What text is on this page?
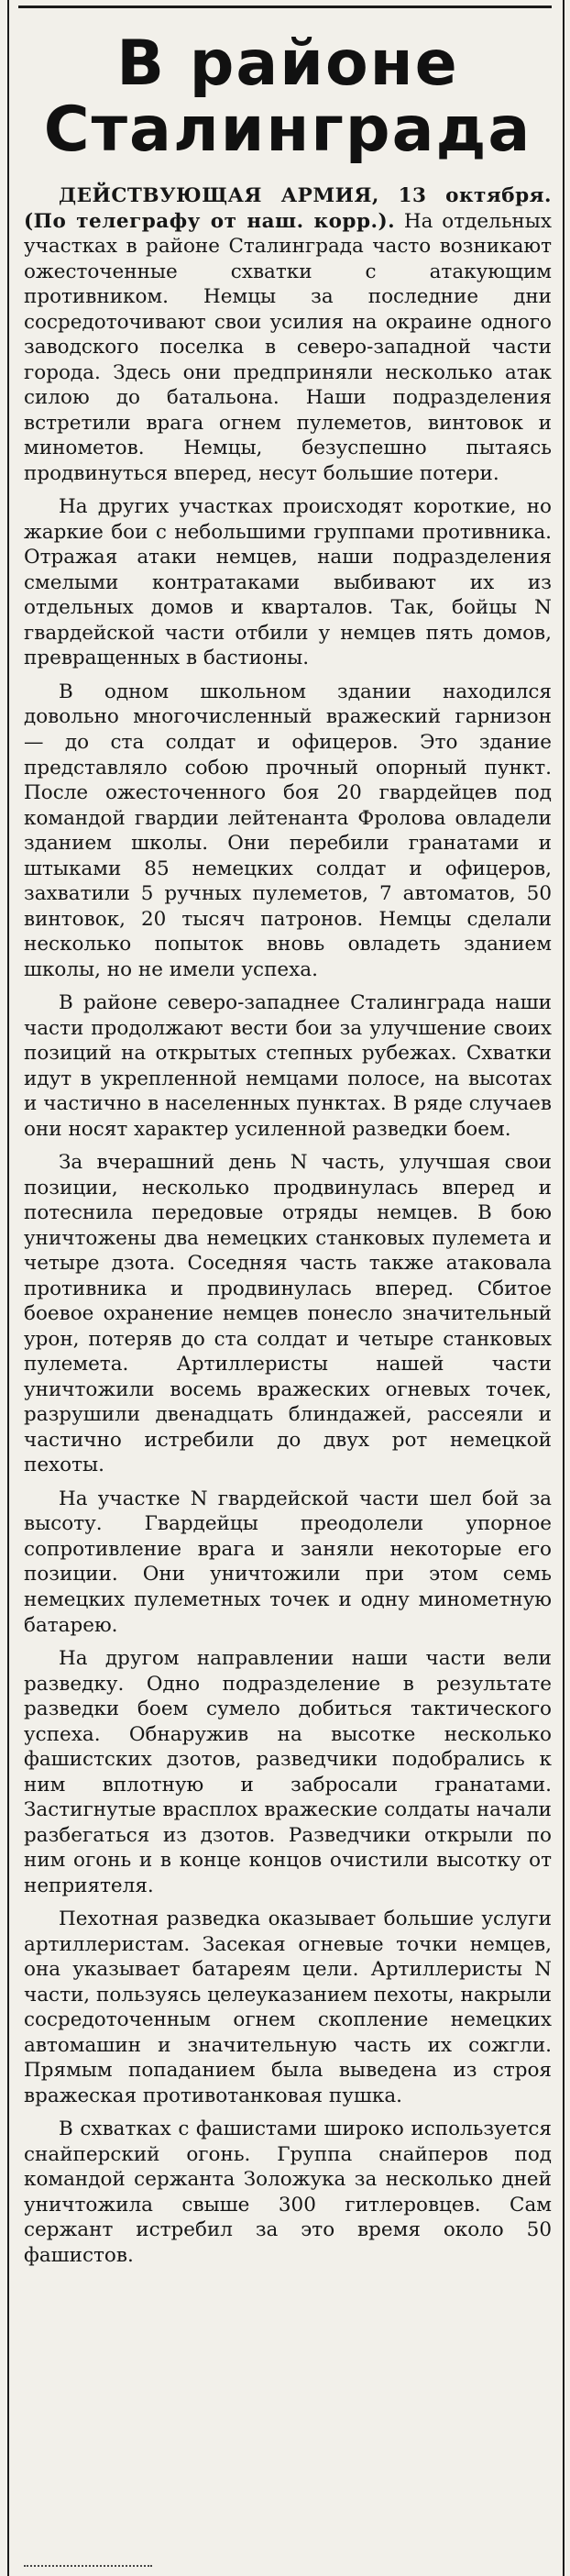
В районе
Сталинграда

ДЕЙСТВУЮЩАЯ АРМИЯ, 13 октября. (По телеграфу от наш. корр.). На отдельных участках в районе Сталинграда часто возникают ожесточенные схватки с атакующим противником. Немцы за последние дни сосредоточивают свои усилия на окраине одного заводского поселка в северо-западной части города. Здесь они предприняли несколько атак силою до батальона. Наши подразделения встретили врага огнем пулеметов, винтовок и минометов. Немцы, безуспешно пытаясь продвинуться вперед, несут большие потери.

На других участках происходят короткие, но жаркие бои с небольшими группами противника. Отражая атаки немцев, наши подразделения смелыми контратаками выбивают их из отдельных домов и кварталов. Так, бойцы N гвардейской части отбили у немцев пять домов, превращенных в бастионы.

В одном школьном здании находился довольно многочисленный вражеский гарнизон — до ста солдат и офицеров. Это здание представляло собою прочный опорный пункт. После ожесточенного боя 20 гвардейцев под командой гвардии лейтенанта Фролова овладели зданием школы. Они перебили гранатами и штыками 85 немецких солдат и офицеров, захватили 5 ручных пулеметов, 7 автоматов, 50 винтовок, 20 тысяч патронов. Немцы сделали несколько попыток вновь овладеть зданием школы, но не имели успеха.

В районе северо-западнее Сталинграда наши части продолжают вести бои за улучшение своих позиций на открытых степных рубежах. Схватки идут в укрепленной немцами полосе, на высотах и частично в населенных пунктах. В ряде случаев они носят характер усиленной разведки боем.

За вчерашний день N часть, улучшая свои позиции, несколько продвинулась вперед и потеснила передовые отряды немцев. В бою уничтожены два немецких станковых пулемета и четыре дзота. Соседняя часть также атаковала противника и продвинулась вперед. Сбитое боевое охранение немцев понесло значительный урон, потеряв до ста солдат и четыре станковых пулемета. Артиллеристы нашей части уничтожили восемь вражеских огневых точек, разрушили двенадцать блиндажей, рассеяли и частично истребили до двух рот немецкой пехоты.

На участке N гвардейской части шел бой за высоту. Гвардейцы преодолели упорное сопротивление врага и заняли некоторые его позиции. Они уничтожили при этом семь немецких пулеметных точек и одну минометную батарею.

На другом направлении наши части вели разведку. Одно подразделение в результате разведки боем сумело добиться тактического успеха. Обнаружив на высотке несколько фашистских дзотов, разведчики подобрались к ним вплотную и забросали гранатами. Застигнутые врасплох вражеские солдаты начали разбегаться из дзотов. Разведчики открыли по ним огонь и в конце концов очистили высотку от неприятеля.

Пехотная разведка оказывает большие услуги артиллеристам. Засекая огневые точки немцев, она указывает батареям цели. Артиллеристы N части, пользуясь целеуказанием пехоты, накрыли сосредоточенным огнем скопление немецких автомашин и значительную часть их сожгли. Прямым попаданием была выведена из строя вражеская противотанковая пушка.

В схватках с фашистами широко используется снайперский огонь. Группа снайперов под командой сержанта Золожука за несколько дней уничтожила свыше 300 гитлеровцев. Сам сержант истребил за это время около 50 фашистов.
